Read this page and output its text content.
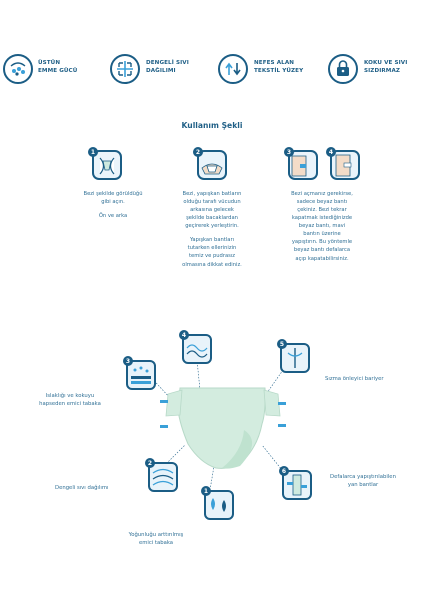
ÜSTÜN
EMME GÜCÜ
DENGELİ SIVI
DAĞILIMI
NEFES ALAN
TEKSTİL YÜZEY
KOKU VE SIVI
SIZDIRMAZ
Kullanım Şekli
1
Bezi şekilde görüldüğü
gibi açın.
Ön ve arka
2
Bezi, yapışkan batların
olduğu tarafı vücudun
arkasına gelecek
şekilde bacaklardan
geçirerek yerleştirin.
Yapışkan bantları
tutarken ellerinizin
temiz ve pudrasız
olmasına dikkat ediniz.
3	4
Bezi açmanız gerekirse,
sadece beyaz bantı
çekiniz. Bezi tekrar
kapatmak istediğinizde
beyaz bantı, mavi
bantın üzerine
yapıştırın. Bu yöntemle
beyaz bantı defalarca
açıp kapatabilirsiniz.
4
3
5
2
1
6
Islaklığı ve kokuyu
hapseden emici tabaka
Sızma önleyici bariyer
Defalarca yapıştırılabilen
yan bantlar
Dengeli sıvı dağılımı
Yoğunluğu arttırılmış
emici tabaka
